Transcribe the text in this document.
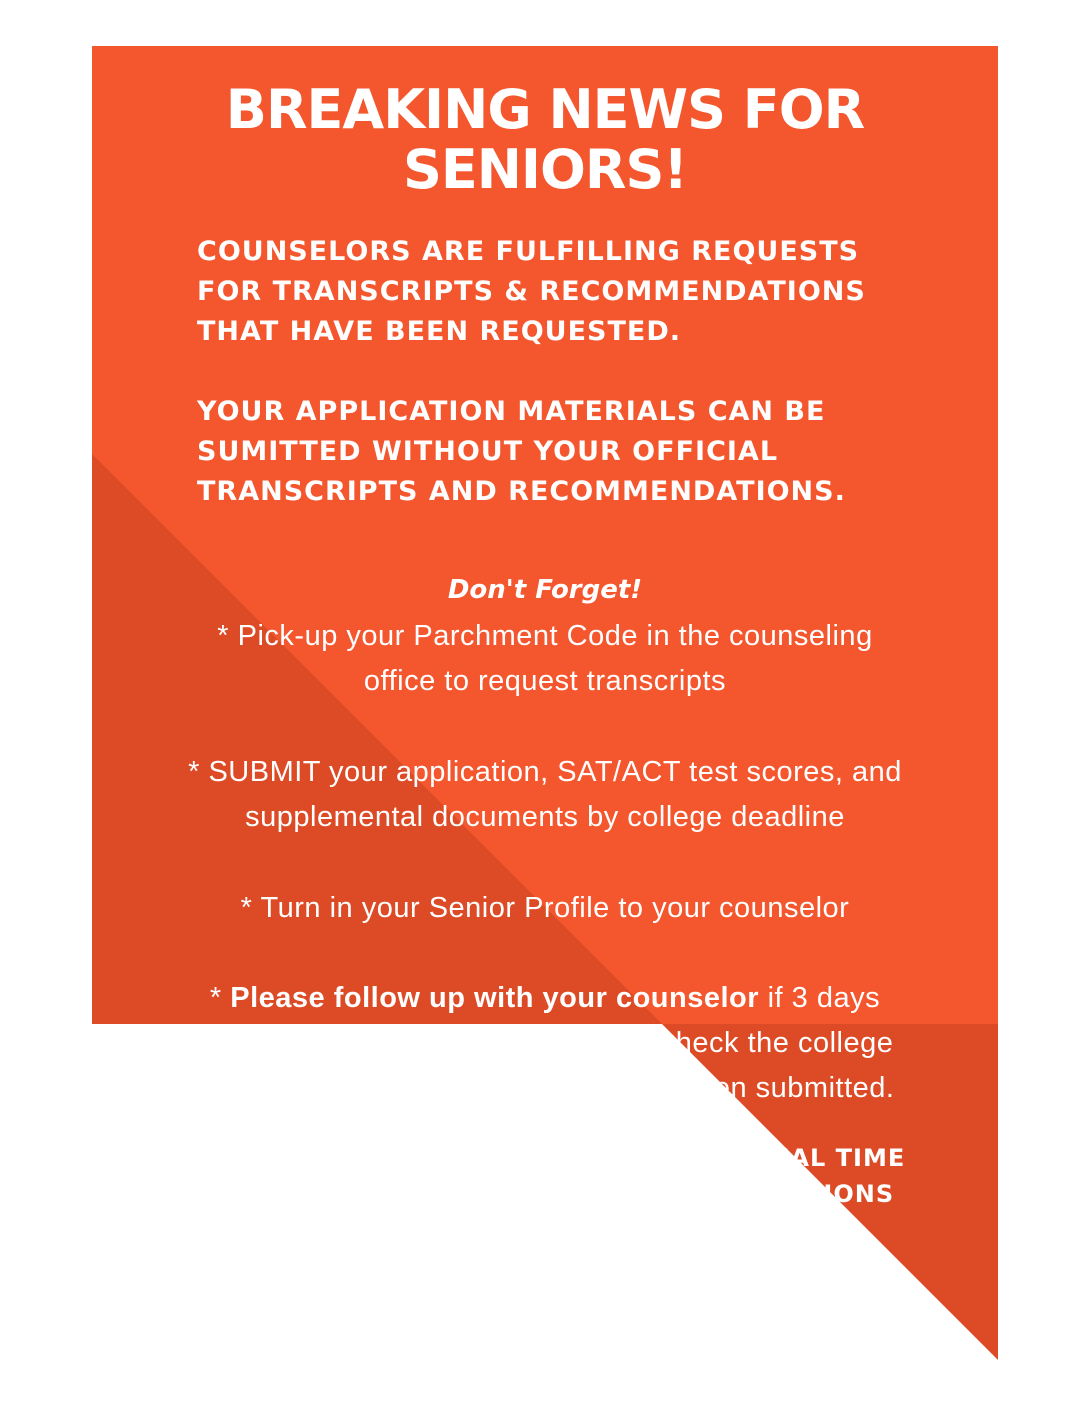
BREAKING NEWS FOR
SENIORS!
COUNSELORS ARE FULFILLING REQUESTS
FOR TRANSCRIPTS & RECOMMENDATIONS
THAT HAVE BEEN REQUESTED.
YOUR APPLICATION MATERIALS CAN BE
SUMITTED WITHOUT YOUR OFFICIAL
TRANSCRIPTS AND RECOMMENDATIONS.
Don't Forget!
* Pick-up your Parchment Code in the counseling
office to request transcripts
* SUBMIT your application, SAT/ACT test scores, and
supplemental documents by college deadline
* Turn in your Senior Profile to your counselor
* Please follow up with your counselor if 3 days
BEFORE the college deadline you check the college
portal and ALL documents have not been submitted.
COLLEGES GRANT COUNSELORS ADDITIONAL TIME
TO SUBMIT TRANSCRIPTS & RECOMMENDATIONS
WWW.MYCENTENNIALCOUNSELING.COM
